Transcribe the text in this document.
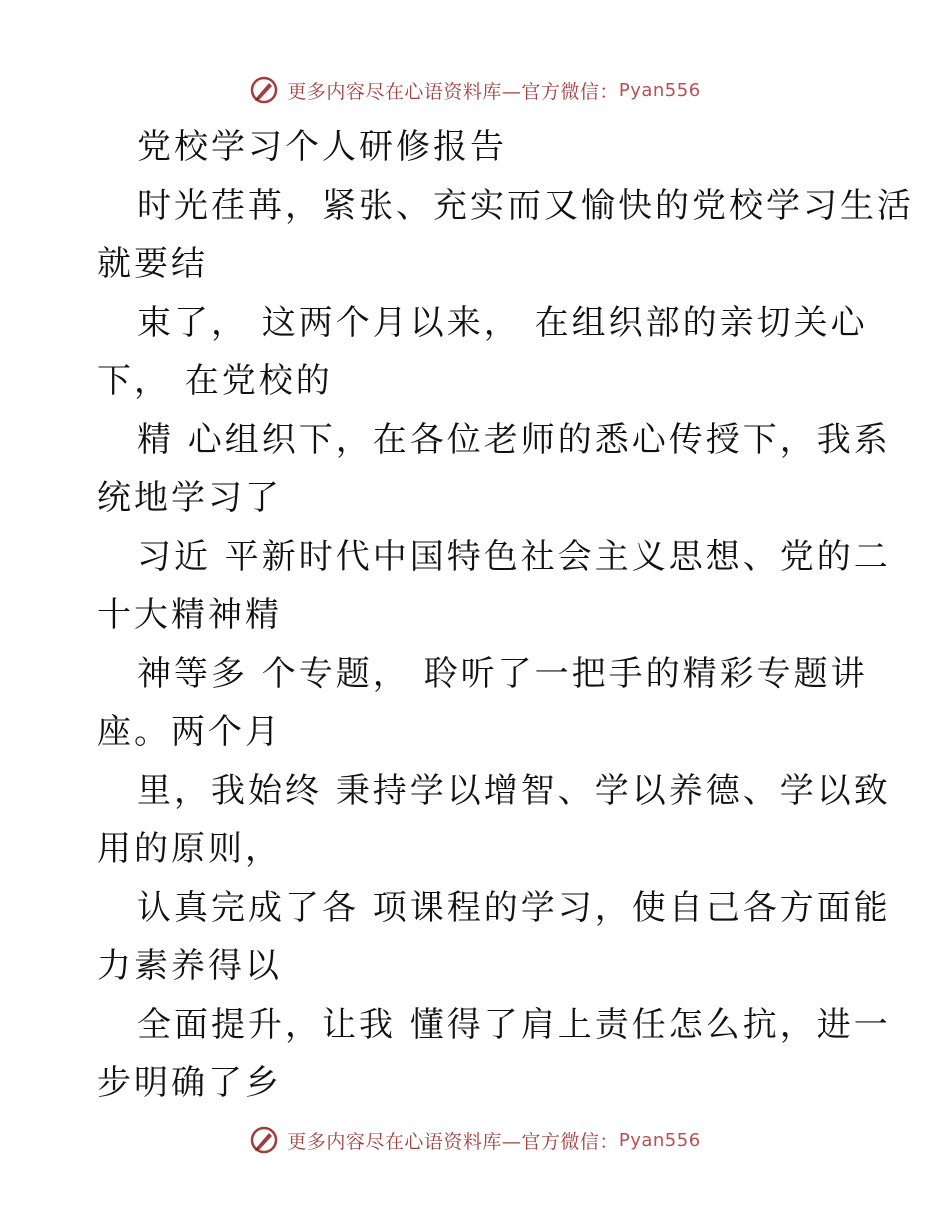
更多内容尽在心语资料库—官方微信： Pyan556
党校学习个人研修报告
时光荏苒，紧张、充实而又愉快的党校学习生活
就要结
束了， 这两个月以来， 在组织部的亲切关心
下， 在党校的
精 心组织下，在各位老师的悉心传授下，我系
统地学习了
习近 平新时代中国特色社会主义思想、党的二
十大精神精
神等多 个专题， 聆听了一把手的精彩专题讲
座。两个月
里，我始终 秉持学以增智、学以养德、学以致
用的原则，
认真完成了各 项课程的学习，使自己各方面能
力素养得以
全面提升，让我 懂得了肩上责任怎么抗，进一
步明确了乡
更多内容尽在心语资料库—官方微信： Pyan556
